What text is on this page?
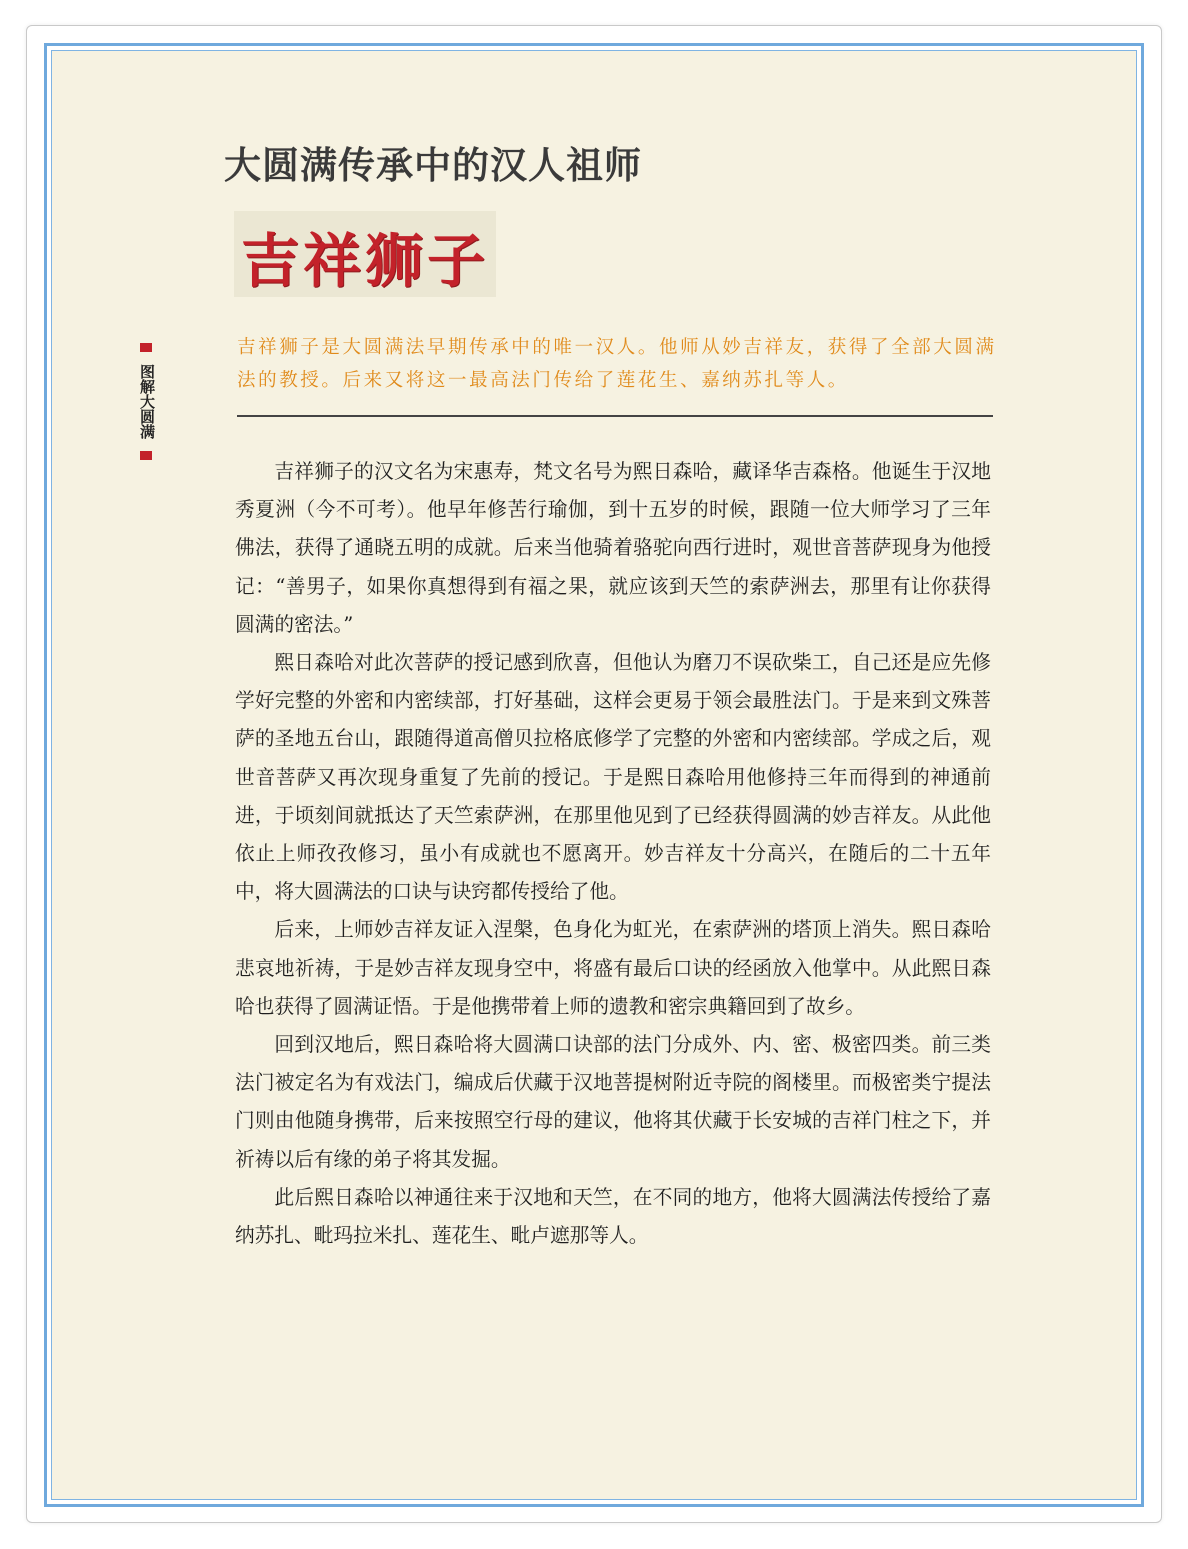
大圆满传承中的汉人祖师
吉祥狮子
吉祥狮子是大圆满法早期传承中的唯一汉人。他师从妙吉祥友，获得了全部大圆满法的教授。后来又将这一最高法门传给了莲花生、嘉纳苏扎等人。
图解大圆满

吉祥狮子的汉文名为宋惠寿，梵文名号为熙日森哈，藏译华吉森格。他诞生于汉地秀夏洲（今不可考）。他早年修苦行瑜伽，到十五岁的时候，跟随一位大师学习了三年佛法，获得了通晓五明的成就。后来当他骑着骆驼向西行进时，观世音菩萨现身为他授记：“善男子，如果你真想得到有福之果，就应该到天竺的索萨洲去，那里有让你获得圆满的密法。”

熙日森哈对此次菩萨的授记感到欣喜，但他认为磨刀不误砍柴工，自己还是应先修学好完整的外密和内密续部，打好基础，这样会更易于领会最胜法门。于是来到文殊菩萨的圣地五台山，跟随得道高僧贝拉格底修学了完整的外密和内密续部。学成之后，观世音菩萨又再次现身重复了先前的授记。于是熙日森哈用他修持三年而得到的神通前进，于顷刻间就抵达了天竺索萨洲，在那里他见到了已经获得圆满的妙吉祥友。从此他依止上师孜孜修习，虽小有成就也不愿离开。妙吉祥友十分高兴，在随后的二十五年中，将大圆满法的口诀与诀窍都传授给了他。

后来，上师妙吉祥友证入涅槃，色身化为虹光，在索萨洲的塔顶上消失。熙日森哈悲哀地祈祷，于是妙吉祥友现身空中，将盛有最后口诀的经函放入他掌中。从此熙日森哈也获得了圆满证悟。于是他携带着上师的遗教和密宗典籍回到了故乡。

回到汉地后，熙日森哈将大圆满口诀部的法门分成外、内、密、极密四类。前三类法门被定名为有戏法门，编成后伏藏于汉地菩提树附近寺院的阁楼里。而极密类宁提法门则由他随身携带，后来按照空行母的建议，他将其伏藏于长安城的吉祥门柱之下，并祈祷以后有缘的弟子将其发掘。

此后熙日森哈以神通往来于汉地和天竺，在不同的地方，他将大圆满法传授给了嘉纳苏扎、毗玛拉米扎、莲花生、毗卢遮那等人。
